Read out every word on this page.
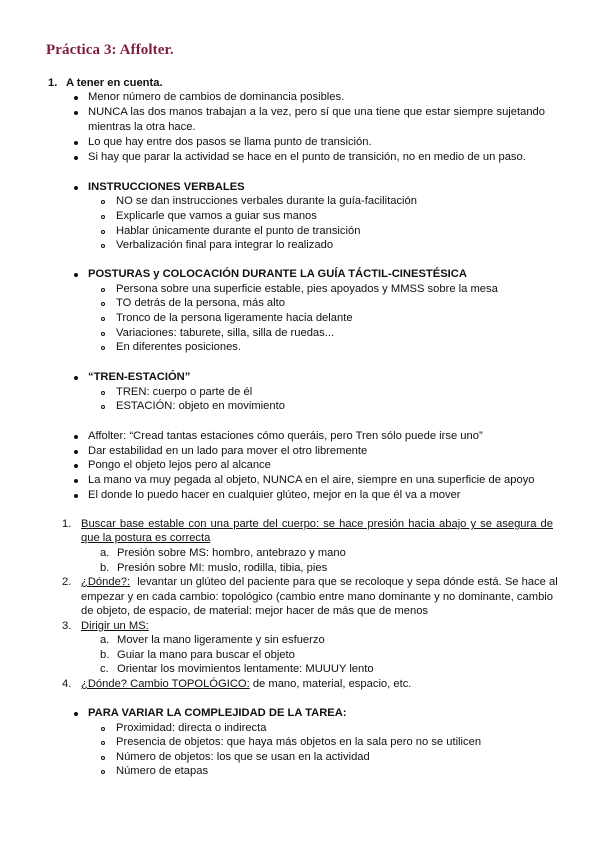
Práctica 3: Affolter.
1. A tener en cuenta.
Menor número de cambios de dominancia posibles.
NUNCA las dos manos trabajan a la vez, pero sí que una tiene que estar siempre sujetando
mientras la otra hace.
Lo que hay entre dos pasos se llama punto de transición.
Si hay que parar la actividad se hace en el punto de transición, no en medio de un paso.
INSTRUCCIONES VERBALES
NO se dan instrucciones verbales durante la guía-facilitación
Explicarle que vamos a guiar sus manos
Hablar únicamente durante el punto de transición
Verbalización final para integrar lo realizado
POSTURAS y COLOCACIÓN DURANTE LA GUÍA TÁCTIL-CINESTÉSICA
Persona sobre una superficie estable, pies apoyados y MMSS sobre la mesa
TO detrás de la persona, más alto
Tronco de la persona ligeramente hacia delante
Variaciones: taburete, silla, silla de ruedas...
En diferentes posiciones.
“TREN-ESTACIÓN”
TREN: cuerpo o parte de él
ESTACIÓN: objeto en movimiento
Affolter: “Cread tantas estaciones cómo queráis, pero Tren sólo puede irse uno”
Dar estabilidad en un lado para mover el otro libremente
Pongo el objeto lejos pero al alcance
La mano va muy pegada al objeto, NUNCA en el aire, siempre en una superficie de apoyo
El donde lo puedo hacer en cualquier glúteo, mejor en la que él va a mover
1. Buscar base estable con una parte del cuerpo: se hace presión hacia abajo y se asegura de
que la postura es correcta
a. Presión sobre MS: hombro, antebrazo y mano
b. Presión sobre MI: muslo, rodilla, tibia, pies
2. ¿Dónde?: levantar un glúteo del paciente para que se recoloque y sepa dónde está. Se hace al
empezar y en cada cambio: topológico (cambio entre mano dominante y no dominante, cambio
de objeto, de espacio, de material: mejor hacer de más que de menos
3. Dirigir un MS:
a. Mover la mano ligeramente y sin esfuerzo
b. Guiar la mano para buscar el objeto
c. Orientar los movimientos lentamente: MUUUY lento
4. ¿Dónde? Cambio TOPOLÓGICO: de mano, material, espacio, etc.
PARA VARIAR LA COMPLEJIDAD DE LA TAREA:
Proximidad: directa o indirecta
Presencia de objetos: que haya más objetos en la sala pero no se utilicen
Número de objetos: los que se usan en la actividad
Número de etapas
